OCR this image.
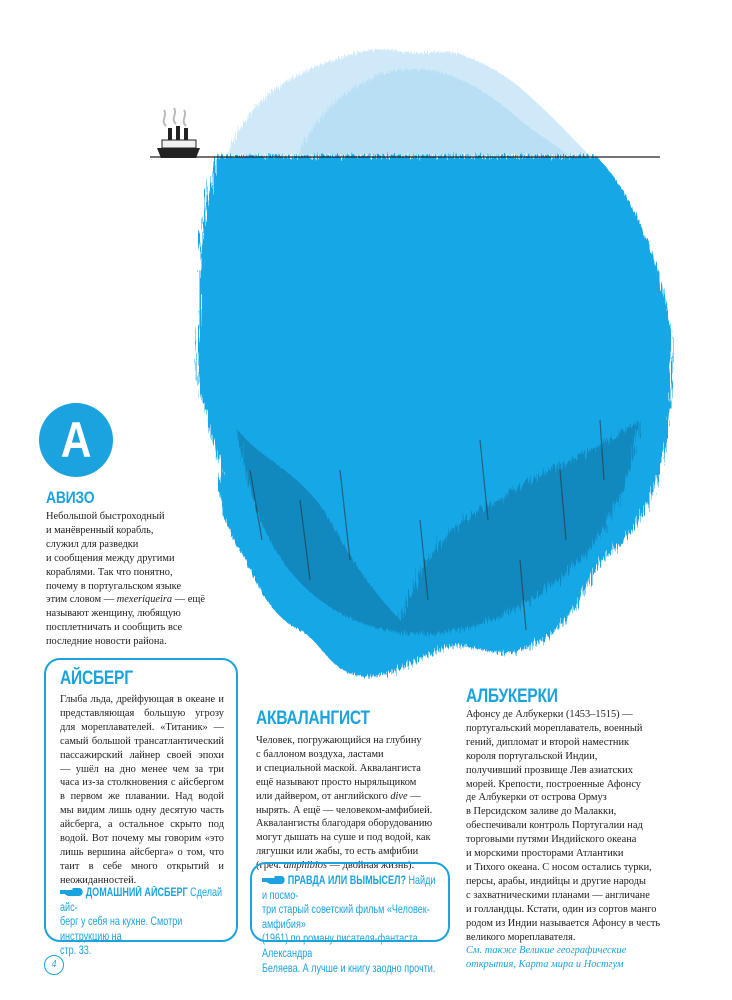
А
АВИЗО
Небольшой быстроходный
и манёвренный корабль,
служил для разведки
и сообщения между другими
кораблями. Так что понятно,
почему в португальском языке
этим словом — mexeriqueira — ещё
называют женщину, любящую
посплетничать и сообщить все
последние новости района.
АЙСБЕРГ
Глыба льда, дрейфующая в океане и представляющая большую угрозу для мореплавателей. «Титаник» — самый большой трансатлантический пассажирский лайнер своей эпохи — ушёл на дно менее чем за три часа из-за столкновения с айсбергом в первом же плавании. Над водой мы видим лишь одну десятую часть айсберга, а остальное скрыто под водой. Вот почему мы говорим «это лишь вершина айсберга» о том, что таит в себе много открытий и неожиданностей.
ДОМАШНИЙ АЙСБЕРГ Сделай айс-
берг у себя на кухне. Смотри инструкцию на
стр. 33.
АКВАЛАНГИСТ
Человек, погружающийся на глубину
с баллоном воздуха, ластами
и специальной маской. Аквалангиста
ещё называют просто ныряльщиком
или дайвером, от английского dive —
нырять. А ещё — человеком-амфибией.
Аквалангисты благодаря оборудованию
могут дышать на суше и под водой, как
лягушки или жабы, то есть амфибии
(греч. amphibios — двойная жизнь).
ПРАВДА ИЛИ ВЫМЫСЕЛ? Найди и посмо-
три старый советский фильм «Человек-амфибия»
(1961) по роману писателя-фантаста Александра
Беляева. А лучше и книгу заодно прочти.
АЛБУКЕРКИ
Афонсу де Албукерки (1453–1515) —
португальский мореплаватель, военный
гений, дипломат и второй наместник
короля португальской Индии,
получивший прозвище Лев азиатских
морей. Крепости, построенные Афонсу
де Албукерки от острова Ормуз
в Персидском заливе до Малакки,
обеспечивали контроль Португалии над
торговыми путями Индийского океана
и морскими просторами Атлантики
и Тихого океана. С носом остались турки,
персы, арабы, индийцы и другие народы
с захватническими планами — англичане
и голландцы. Кстати, один из сортов манго
родом из Индии называется Афонсу в честь
великого мореплавателя.
См. также Великие географические
открытия, Карта мира и Ностгум
4
